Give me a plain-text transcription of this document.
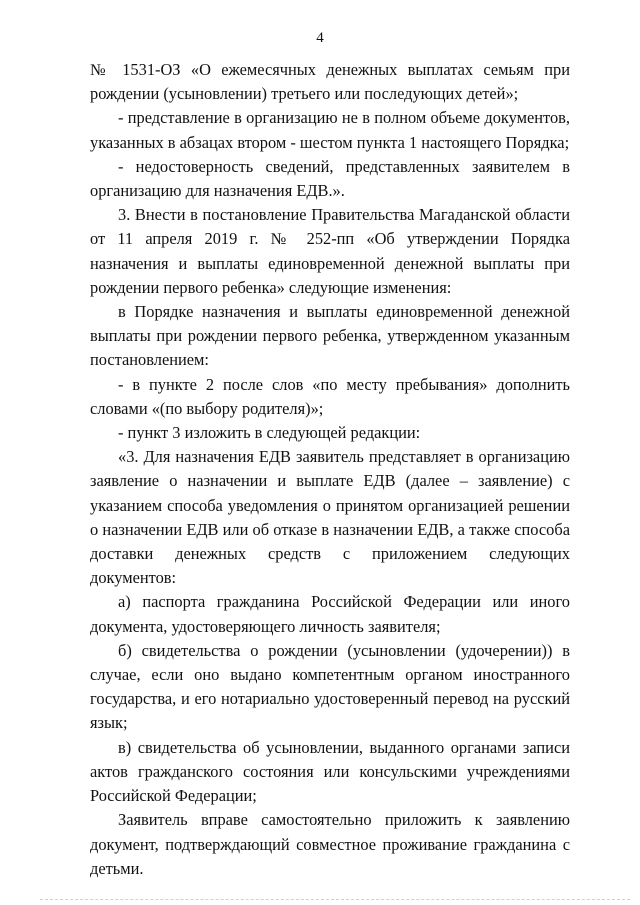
4

№ 1531-ОЗ «О ежемесячных денежных выплатах семьям при рождении (усыновлении) третьего или последующих детей»;

- представление в организацию не в полном объеме документов, указанных в абзацах втором - шестом пункта 1 настоящего Порядка;

- недостоверность сведений, представленных заявителем в организацию для назначения ЕДВ.».

3. Внести в постановление Правительства Магаданской области от 11 апреля 2019 г. № 252-пп «Об утверждении Порядка назначения и выплаты единовременной денежной выплаты при рождении первого ребенка» следующие изменения:

в Порядке назначения и выплаты единовременной денежной выплаты при рождении первого ребенка, утвержденном указанным постановлением:

- в пункте 2 после слов «по месту пребывания» дополнить словами «(по выбору родителя)»;

- пункт 3 изложить в следующей редакции:

«3. Для назначения ЕДВ заявитель представляет в организацию заявление о назначении и выплате ЕДВ (далее – заявление) с указанием способа уведомления о принятом организацией решении о назначении ЕДВ или об отказе в назначении ЕДВ, а также способа доставки денежных средств с приложением следующих документов:

а) паспорта гражданина Российской Федерации или иного документа, удостоверяющего личность заявителя;

б) свидетельства о рождении (усыновлении (удочерении)) в случае, если оно выдано компетентным органом иностранного государства, и его нотариально удостоверенный перевод на русский язык;

в) свидетельства об усыновлении, выданного органами записи актов гражданского состояния или консульскими учреждениями Российской Федерации;

Заявитель вправе самостоятельно приложить к заявлению документ, подтверждающий совместное проживание гражданина с детьми.
